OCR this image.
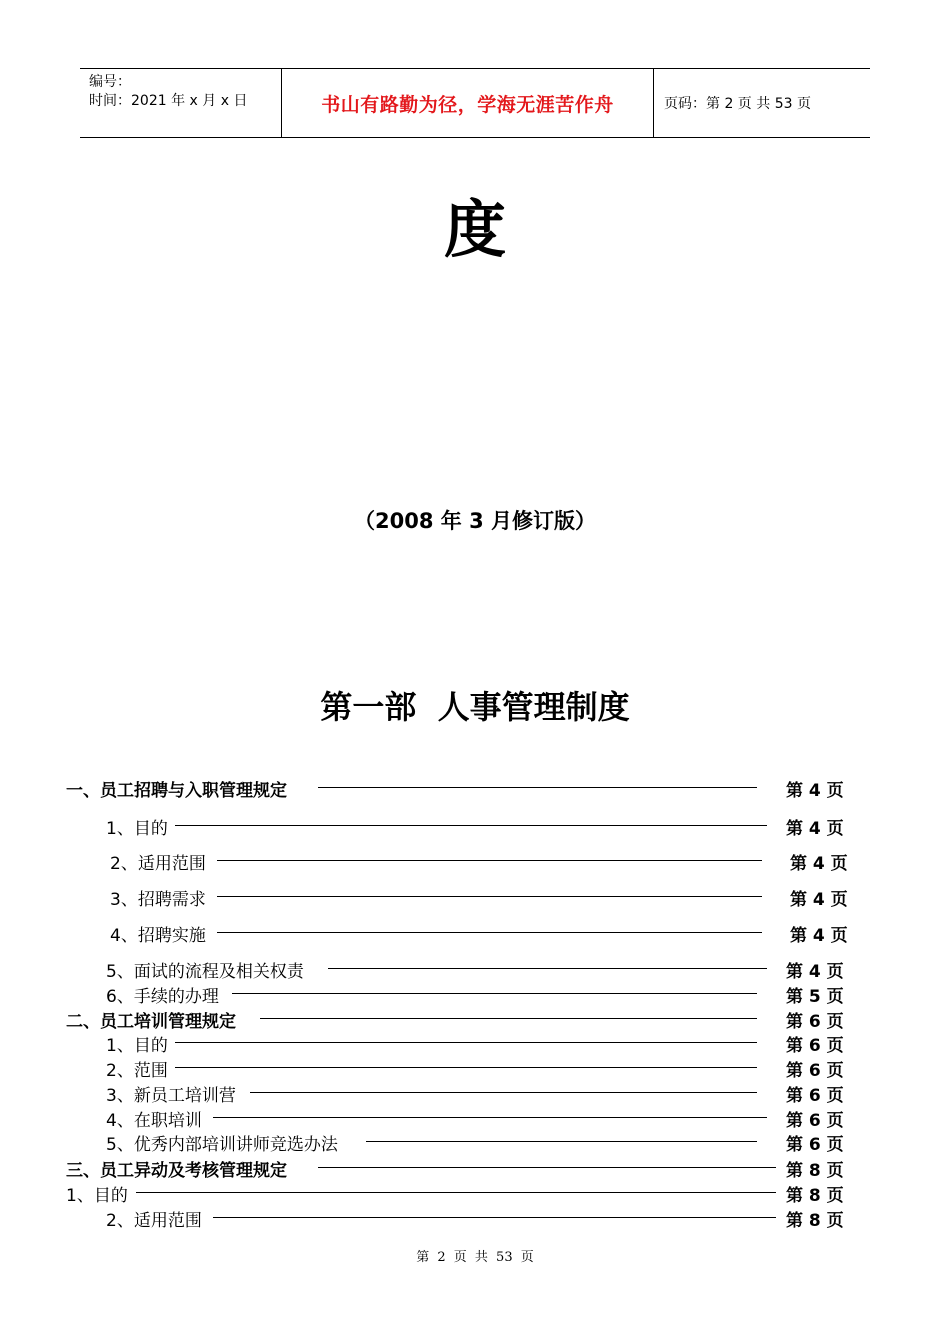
编号：
时间：2021 年 x 月 x 日	书山有路勤为径，学海无涯苦作舟	页码：第 2 页 共 53 页
度
（2008 年 3 月修订版）
第一部 人事管理制度
一、员工招聘与入职管理规定	第 4 页
1、目的	第 4 页
2、适用范围	第 4 页
3、招聘需求	第 4 页
4、招聘实施	第 4 页
5、面试的流程及相关权责	第 4 页
6、手续的办理	第 5 页
二、员工培训管理规定	第 6 页
1、目的	第 6 页
2、范围	第 6 页
3、新员工培训营	第 6 页
4、在职培训	第 6 页
5、优秀内部培训讲师竞选办法	第 6 页
三、员工异动及考核管理规定	第 8 页
1、目的	第 8 页
2、适用范围	第 8 页
第 2 页 共 53 页
